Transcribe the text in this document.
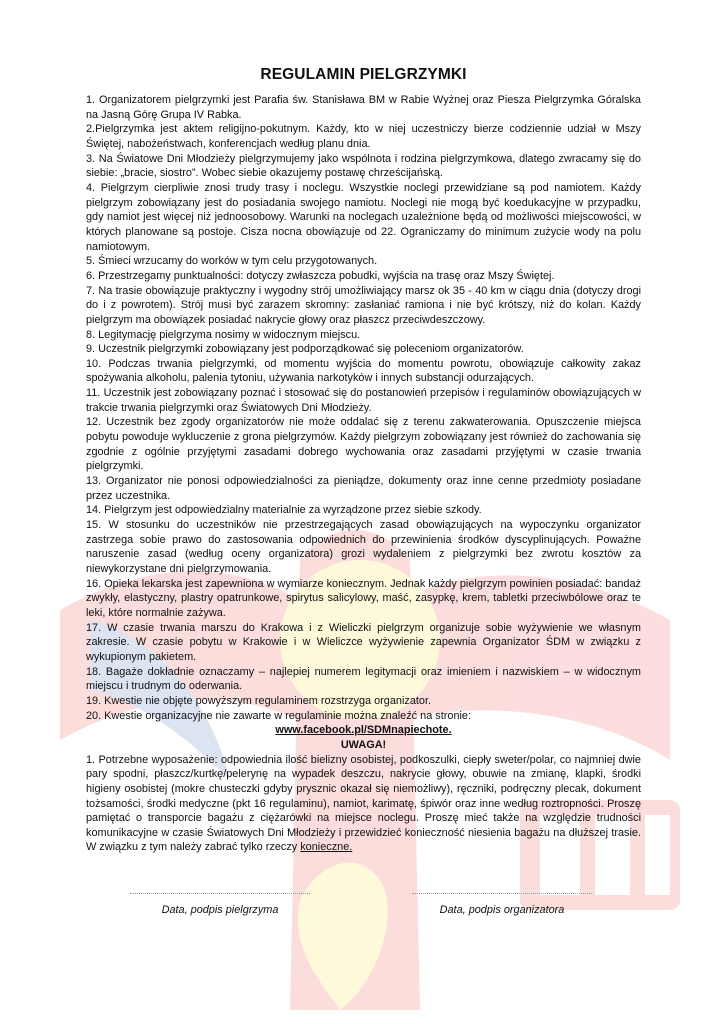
REGULAMIN PIELGRZYMKI

1. Organizatorem pielgrzymki jest Parafia św. Stanisława BM w Rabie Wyżnej oraz Piesza Pielgrzymka Góralska na Jasną Górę Grupa IV Rabka.

2.Pielgrzymka jest aktem religijno-pokutnym. Każdy, kto w niej uczestniczy bierze codziennie udział w Mszy Świętej, nabożeństwach, konferencjach według planu dnia.

3. Na Światowe Dni Młodzieży pielgrzymujemy jako wspólnota i rodzina pielgrzymkowa, dlatego zwracamy się do siebie: „bracie, siostro”. Wobec siebie okazujemy postawę chrześcijańską.

4. Pielgrzym cierpliwie znosi trudy trasy i noclegu. Wszystkie noclegi przewidziane są pod namiotem. Każdy pielgrzym zobowiązany jest do posiadania swojego namiotu. Noclegi nie mogą być koedukacyjne w przypadku, gdy namiot jest więcej niż jednoosobowy. Warunki na noclegach uzależnione będą od możliwości miejscowości, w których planowane są postoje. Cisza nocna obowiązuje od 22. Ograniczamy do minimum zużycie wody na polu namiotowym.

5. Śmieci wrzucamy do worków w tym celu przygotowanych.

6. Przestrzegamy punktualności: dotyczy zwłaszcza pobudki, wyjścia na trasę oraz Mszy Świętej.

7. Na trasie obowiązuje praktyczny i wygodny strój umożliwiający marsz ok 35 - 40 km w ciągu dnia (dotyczy drogi do i z powrotem). Strój musi być zarazem skromny: zasłaniać ramiona i nie być krótszy, niż do kolan. Każdy pielgrzym ma obowiązek posiadać nakrycie głowy oraz płaszcz przeciwdeszczowy.

8. Legitymację pielgrzyma nosimy w widocznym miejscu.

9. Uczestnik pielgrzymki zobowiązany jest podporządkować się poleceniom organizatorów.

10. Podczas trwania pielgrzymki, od momentu wyjścia do momentu powrotu, obowiązuje całkowity zakaz spożywania alkoholu, palenia tytoniu, używania narkotyków i innych substancji odurzających.

11. Uczestnik jest zobowiązany poznać i stosować się do postanowień przepisów i regulaminów obowiązujących w trakcie trwania pielgrzymki oraz Światowych Dni Młodzieży.

12. Uczestnik bez zgody organizatorów nie może oddalać się z terenu zakwaterowania. Opuszczenie miejsca pobytu powoduje wykluczenie z grona pielgrzymów. Każdy pielgrzym zobowiązany jest również do zachowania się zgodnie z ogólnie przyjętymi zasadami dobrego wychowania oraz zasadami przyjętymi w czasie trwania pielgrzymki.

13. Organizator nie ponosi odpowiedzialności za pieniądze, dokumenty oraz inne cenne przedmioty posiadane przez uczestnika.

14. Pielgrzym jest odpowiedzialny materialnie za wyrządzone przez siebie szkody.

15. W stosunku do uczestników nie przestrzegających zasad obowiązujących na wypoczynku organizator zastrzega sobie prawo do zastosowania odpowiednich do przewinienia środków dyscyplinujących. Poważne naruszenie zasad (według oceny organizatora) grozi wydaleniem z pielgrzymki bez zwrotu kosztów za niewykorzystane dni pielgrzymowania.

16. Opieka lekarska jest zapewniona w wymiarze koniecznym. Jednak każdy pielgrzym powinien posiadać: bandaż zwykły, elastyczny, plastry opatrunkowe, spirytus salicylowy, maść, zasypkę, krem, tabletki przeciwbólowe oraz te leki, które normalnie zażywa.

17. W czasie trwania marszu do Krakowa i z Wieliczki pielgrzym organizuje sobie wyżywienie we własnym zakresie. W czasie pobytu w Krakowie i w Wieliczce wyżywienie zapewnia Organizator ŚDM w związku z wykupionym pakietem.

18. Bagaże dokładnie oznaczamy – najlepiej numerem legitymacji oraz imieniem i nazwiskiem – w widocznym miejscu i trudnym do oderwania.

19. Kwestie nie objęte powyższym regulaminem rozstrzyga organizator.

20. Kwestie organizacyjne nie zawarte w regulaminie można znaleźć na stronie:

www.facebook.pl/SDMnapiechote.

UWAGA!

1. Potrzebne wyposażenie: odpowiednia ilość bielizny osobistej, podkoszulki, ciepły sweter/polar, co najmniej dwie pary spodni, płaszcz/kurtkę/pelerynę na wypadek deszczu, nakrycie głowy, obuwie na zmianę, klapki, środki higieny osobistej (mokre chusteczki gdyby prysznic okazał się niemożliwy), ręczniki, podręczny plecak, dokument tożsamości, środki medyczne (pkt 16 regulaminu), namiot, karimatę, śpiwór oraz inne według roztropności. Proszę pamiętać o transporcie bagażu z ciężarówki na miejsce noclegu. Proszę mieć także na względzie trudności komunikacyjne w czasie Światowych Dni Młodzieży i przewidzieć konieczność niesienia bagażu na dłuższej trasie. W związku z tym należy zabrać tylko rzeczy konieczne.

Data, podpis pielgrzyma	Data, podpis organizatora
